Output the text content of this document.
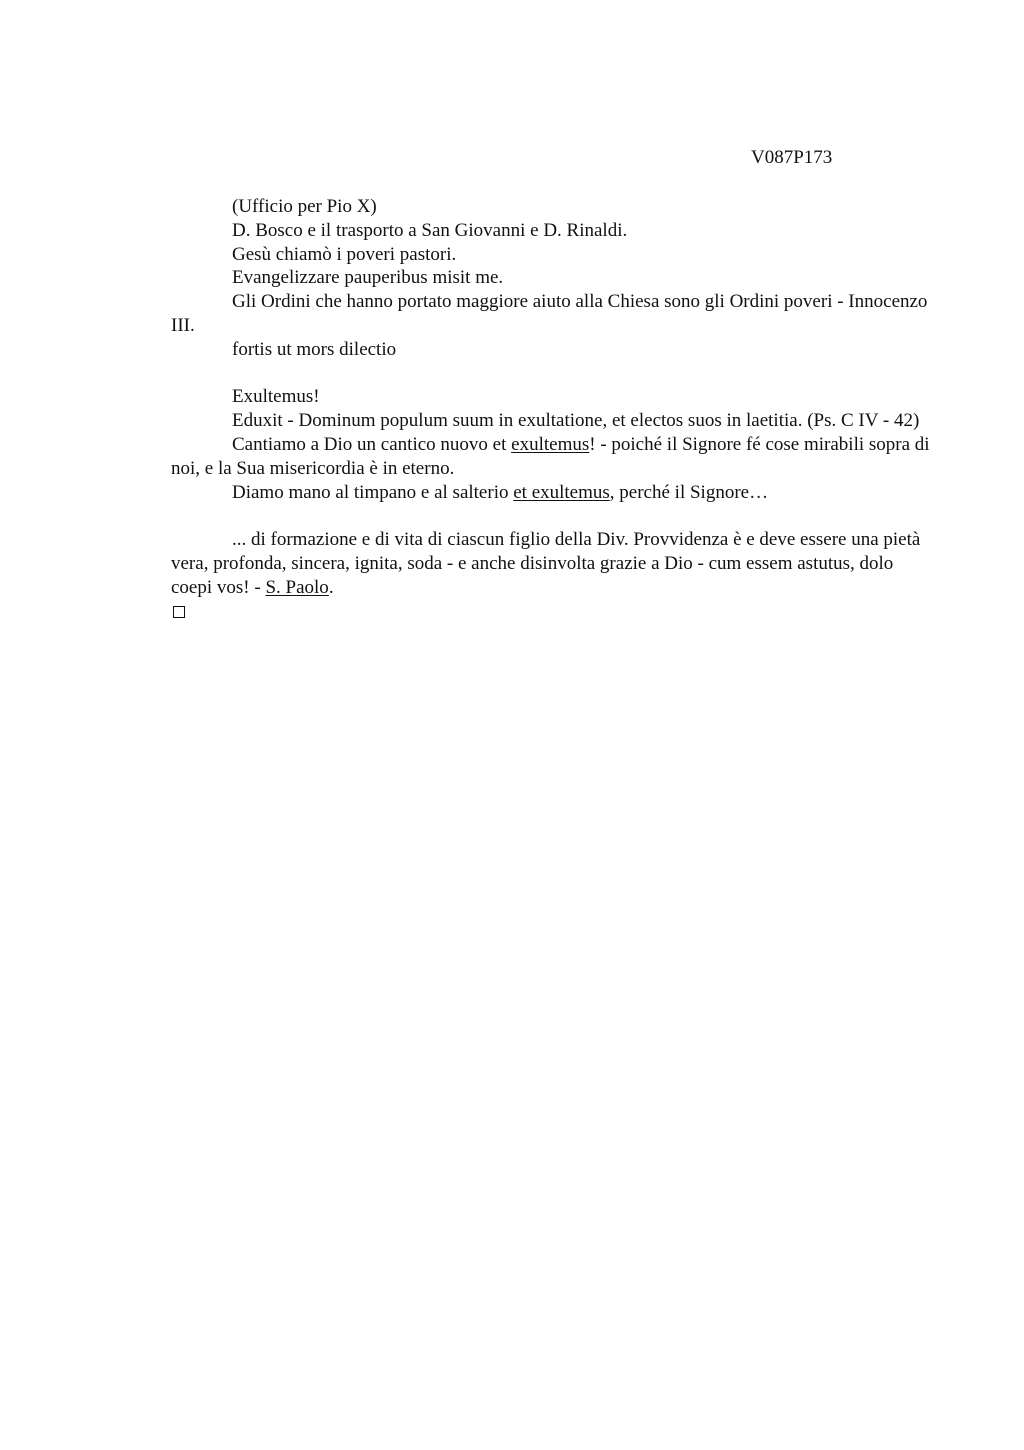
V087P173

(Ufficio per Pio X)

D. Bosco e il trasporto a San Giovanni e D. Rinaldi.

Gesù chiamò i poveri pastori.

Evangelizzare pauperibus misit me.

Gli Ordini che hanno portato maggiore aiuto alla Chiesa sono gli Ordini poveri - Innocenzo III.

fortis ut mors dilectio

Exultemus!

Eduxit - Dominum populum suum in exultatione, et electos suos in laetitia. (Ps. C IV - 42)

Cantiamo a Dio un cantico nuovo et exultemus! - poiché il Signore fé cose mirabili sopra di noi, e la Sua misericordia è in eterno.

Diamo mano al timpano e al salterio et exultemus, perché il Signore…

... di formazione e di vita di ciascun figlio della Div. Provvidenza è e deve essere una pietà vera, profonda, sincera, ignita, soda - e anche disinvolta grazie a Dio - cum essem astutus, dolo coepi vos! - S. Paolo.
